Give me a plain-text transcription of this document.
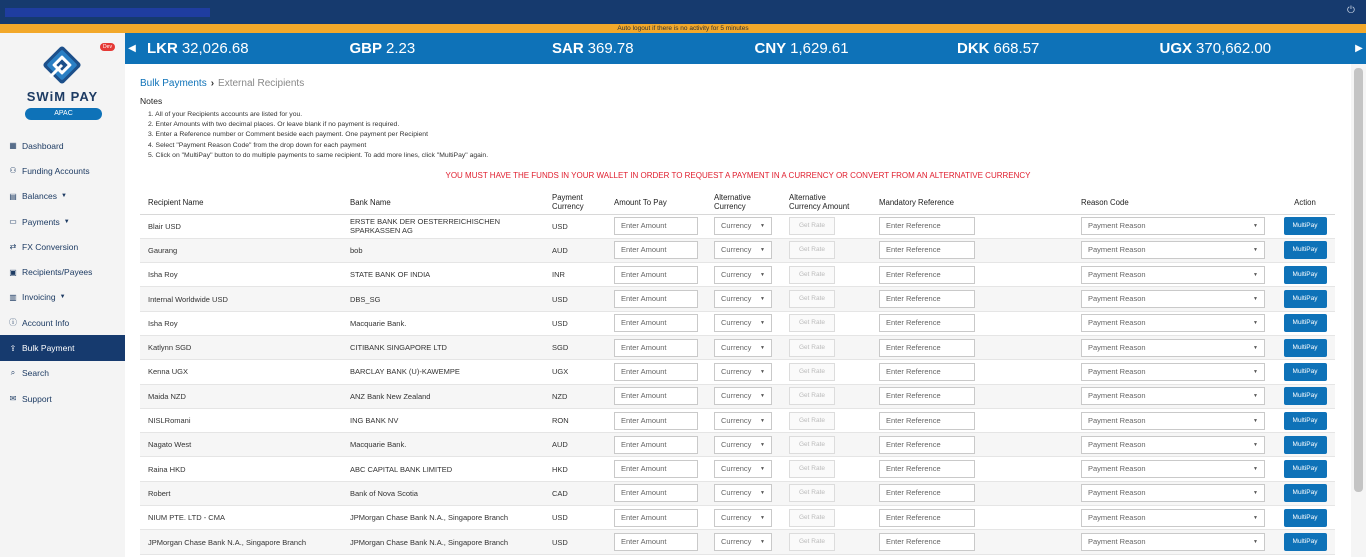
⏻
Auto logout if there is no activity for 5 minutes
Dev
SWiM PAY
APAC
▦ Dashboard
⚇ Funding Accounts
▤ Balances ▼
▭ Payments ▼
⇄ FX Conversion
▣ Recipients/Payees
▥ Invoicing ▼
ⓘ Account Info
⇪ Bulk Payment
⌕ Search
✉ Support
◀ LKR 32,026.68	GBP 2.23	SAR 369.78	CNY 1,629.61	DKK 668.57	UGX 370,662.00	▶
Bulk Payments › External Recipients
Notes
1. All of your Recipients accounts are listed for you.
2. Enter Amounts with two decimal places. Or leave blank if no payment is required.
3. Enter a Reference number or Comment beside each payment. One payment per Recipient
4. Select "Payment Reason Code" from the drop down for each payment
5. Click on "MultiPay" button to do multiple payments to same recipient. To add more lines, click "MultiPay" again.
YOU MUST HAVE THE FUNDS IN YOUR WALLET IN ORDER TO REQUEST A PAYMENT IN A CURRENCY OR CONVERT FROM AN ALTERNATIVE CURRENCY
Recipient Name	Bank Name	Payment
Currency	Amount To Pay	Alternative
Currency	Alternative
Currency Amount	Mandatory Reference	Reason Code	Action
Blair USD	ERSTE BANK DER OESTERREICHISCHEN SPARKASSEN AG	USD	Enter Amount	Currency ▼	Get Rate	Enter Reference	Payment Reason ▼	MultiPay

Gaurang	bob	AUD	Enter Amount	Currency ▼	Get Rate	Enter Reference	Payment Reason ▼	MultiPay

Isha Roy	STATE BANK OF INDIA	INR	Enter Amount	Currency ▼	Get Rate	Enter Reference	Payment Reason ▼	MultiPay

Internal Worldwide USD	DBS_SG	USD	Enter Amount	Currency ▼	Get Rate	Enter Reference	Payment Reason ▼	MultiPay

Isha Roy	Macquarie Bank.	USD	Enter Amount	Currency ▼	Get Rate	Enter Reference	Payment Reason ▼	MultiPay

Katlynn SGD	CITIBANK SINGAPORE LTD	SGD	Enter Amount	Currency ▼	Get Rate	Enter Reference	Payment Reason ▼	MultiPay

Kenna UGX	BARCLAY BANK (U)-KAWEMPE	UGX	Enter Amount	Currency ▼	Get Rate	Enter Reference	Payment Reason ▼	MultiPay

Maida NZD	ANZ Bank New Zealand	NZD	Enter Amount	Currency ▼	Get Rate	Enter Reference	Payment Reason ▼	MultiPay

NISLRomani	ING BANK NV	RON	Enter Amount	Currency ▼	Get Rate	Enter Reference	Payment Reason ▼	MultiPay

Nagato West	Macquarie Bank.	AUD	Enter Amount	Currency ▼	Get Rate	Enter Reference	Payment Reason ▼	MultiPay

Raina HKD	ABC CAPITAL BANK LIMITED	HKD	Enter Amount	Currency ▼	Get Rate	Enter Reference	Payment Reason ▼	MultiPay

Robert	Bank of Nova Scotia	CAD	Enter Amount	Currency ▼	Get Rate	Enter Reference	Payment Reason ▼	MultiPay

NIUM PTE. LTD - CMA	JPMorgan Chase Bank N.A., Singapore Branch	USD	Enter Amount	Currency ▼	Get Rate	Enter Reference	Payment Reason ▼	MultiPay

JPMorgan Chase Bank N.A., Singapore Branch	JPMorgan Chase Bank N.A., Singapore Branch	USD	Enter Amount	Currency ▼	Get Rate	Enter Reference	Payment Reason ▼	MultiPay
